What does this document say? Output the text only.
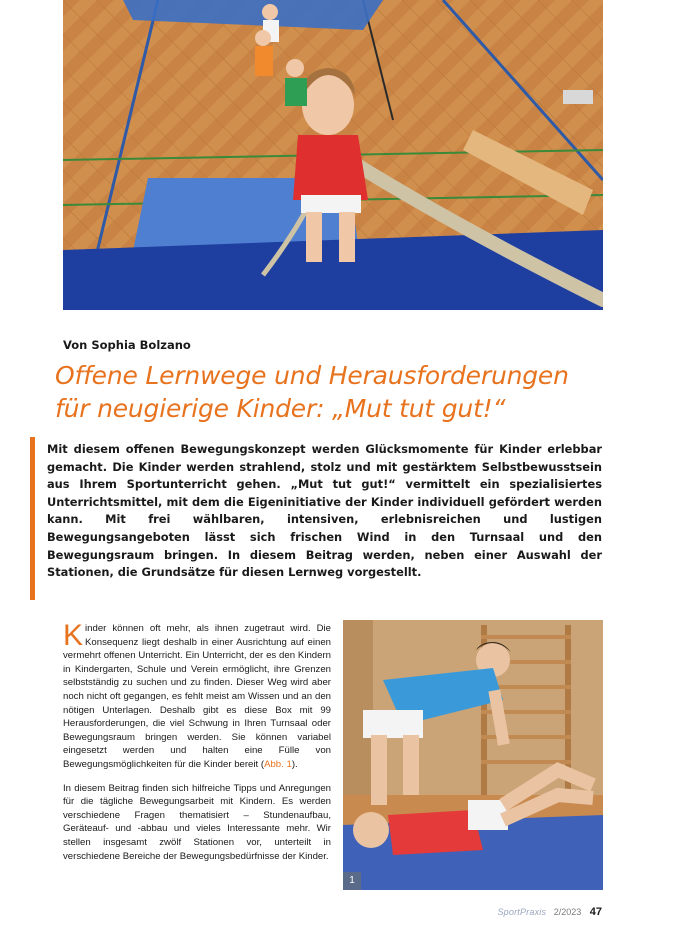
Von Sophia Bolzano
Offene Lernwege und Herausforderungen
für neugierige Kinder: „Mut tut gut!“

Mit diesem offenen Bewegungskonzept werden Glücksmomente für Kinder erlebbar gemacht. Die Kinder werden strahlend, stolz und mit gestärktem Selbstbewusstsein aus Ihrem Sportunterricht gehen. „Mut tut gut!“ vermittelt ein spezialisiertes Unterrichtsmittel, mit dem die Eigeninitiative der Kinder individuell gefördert werden kann. Mit frei wählbaren, intensiven, erlebnisreichen und lustigen Bewegungsangeboten lässt sich frischen Wind in den Turnsaal und den Bewegungsraum bringen. In diesem Beitrag werden, neben einer Auswahl der Stationen, die Grundsätze für diesen Lernweg vorgestellt.

Kinder können oft mehr, als ihnen zugetraut wird. Die Konsequenz liegt deshalb in einer Ausrichtung auf einen vermehrt offenen Unterricht. Ein Unterricht, der es den Kindern in Kindergarten, Schule und Verein ermöglicht, ihre Grenzen selbstständig zu suchen und zu finden. Dieser Weg wird aber noch nicht oft gegangen, es fehlt meist am Wissen und an den nötigen Unterlagen. Deshalb gibt es diese Box mit 99 Herausforderungen, die viel Schwung in Ihren Turnsaal oder Bewegungsraum bringen werden. Sie können variabel eingesetzt werden und halten eine Fülle von Bewegungsmöglichkeiten für die Kinder bereit (Abb. 1).

In diesem Beitrag finden sich hilfreiche Tipps und Anregungen für die tägliche Bewegungsarbeit mit Kindern. Es werden verschiedene Fragen thematisiert – Stundenaufbau, Geräteauf- und -abbau und vieles Interessante mehr. Wir stellen insgesamt zwölf Stationen vor, unterteilt in verschiedene Bereiche der Bewegungsbedürfnisse der Kinder.

1
SportPraxis 2/2023 47
